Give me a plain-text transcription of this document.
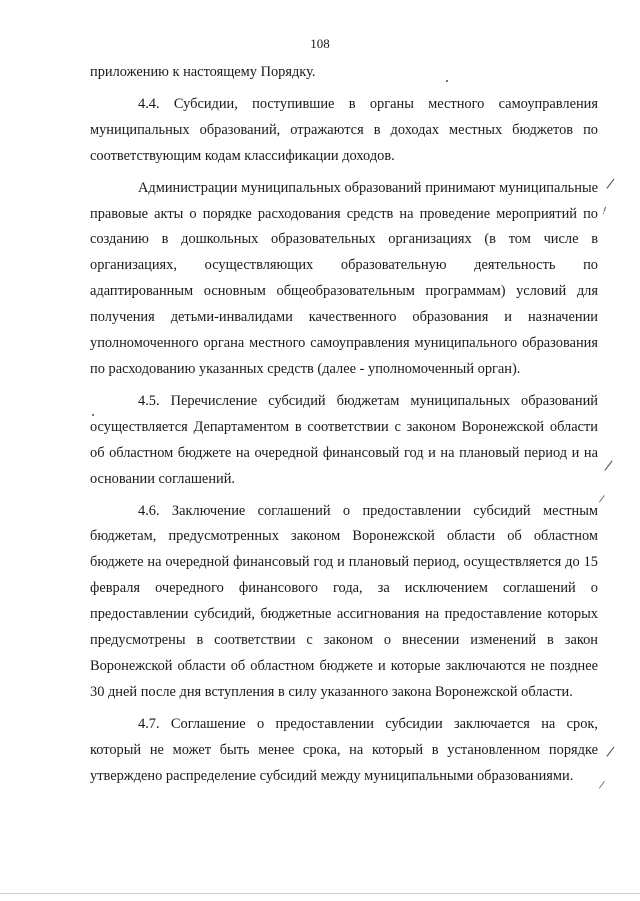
108

приложению к настоящему Порядку.

4.4. Субсидии, поступившие в органы местного самоуправления муниципальных образований, отражаются в доходах местных бюджетов по соответствующим кодам классификации доходов.

Администрации муниципальных образований принимают муниципальные правовые акты о порядке расходования средств на проведение мероприятий по созданию в дошкольных образовательных организациях (в том числе в организациях, осуществляющих образовательную деятельность по адаптированным основным общеобразовательным программам) условий для получения детьми-инвалидами качественного образования и назначении уполномоченного органа местного самоуправления муниципального образования по расходованию указанных средств (далее - уполномоченный орган).

4.5. Перечисление субсидий бюджетам муниципальных образований осуществляется Департаментом в соответствии с законом Воронежской области об областном бюджете на очередной финансовый год и на плановый период и на основании соглашений.

4.6. Заключение соглашений о предоставлении субсидий местным бюджетам, предусмотренных законом Воронежской области об областном бюджете на очередной финансовый год и плановый период, осуществляется до 15 февраля очередного финансового года, за исключением соглашений о предоставлении субсидий, бюджетные ассигнования на предоставление которых предусмотрены в соответствии с законом о внесении изменений в закон Воронежской области об областном бюджете и которые заключаются не позднее 30 дней после дня вступления в силу указанного закона Воронежской области.

4.7. Соглашение о предоставлении субсидии заключается на срок, который не может быть менее срока, на который в установленном порядке утверждено распределение субсидий между муниципальными образованиями.

/
!
/
/
/
/
